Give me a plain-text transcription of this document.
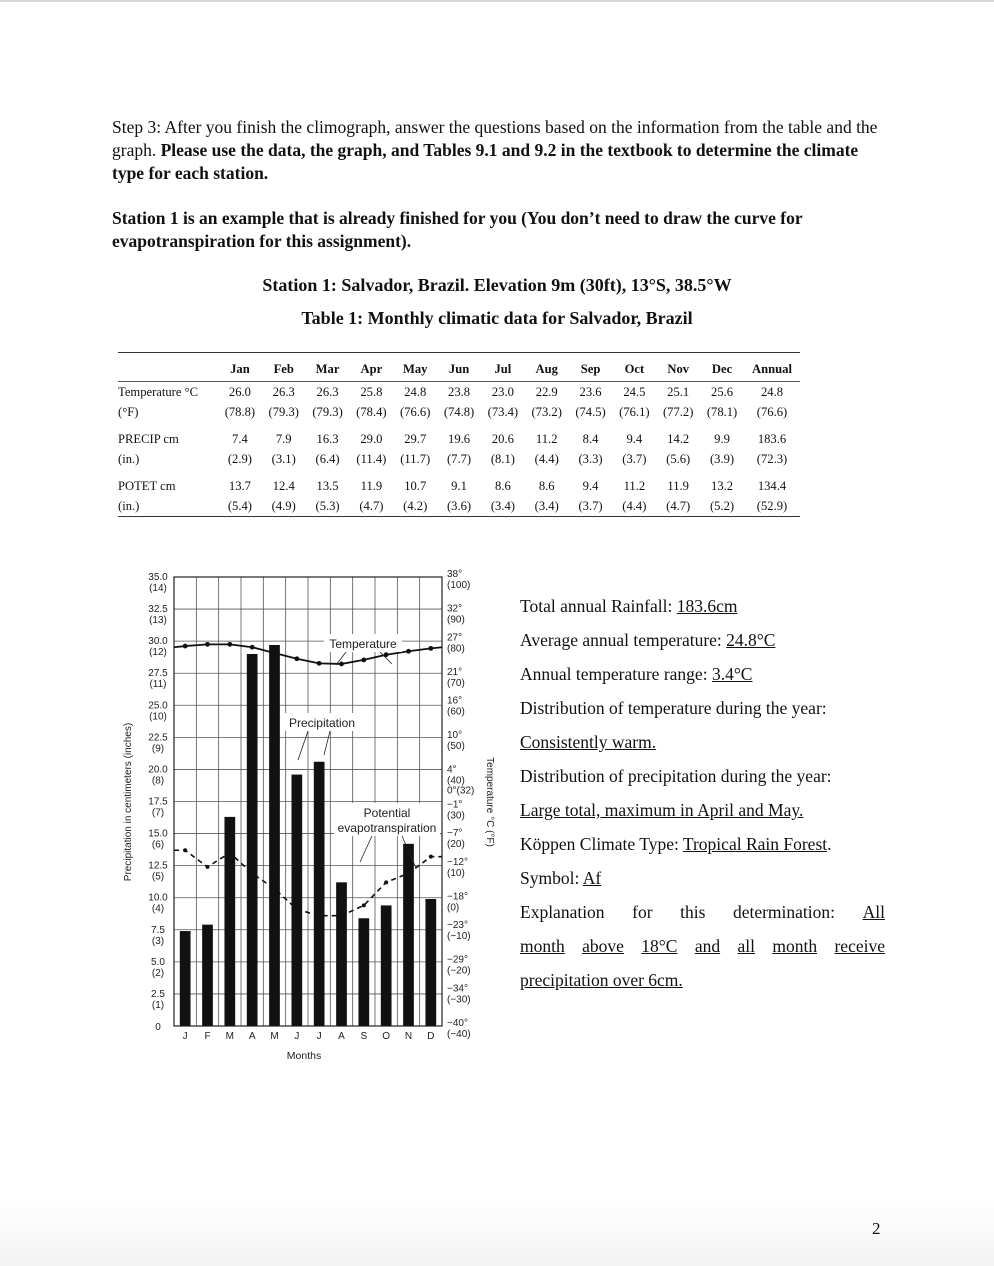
Step 3: After you finish the climograph, answer the questions based on the information from the table and the graph. Please use the data, the graph, and Tables 9.1 and 9.2 in the textbook to determine the climate type for each station.

Station 1 is an example that is already finished for you (You don’t need to draw the curve for evapotranspiration for this assignment).

Station 1: Salvador, Brazil. Elevation 9m (30ft), 13°S, 38.5°W
Table 1: Monthly climatic data for Salvador, Brazil
	Jan	Feb	Mar	Apr	May	Jun	Jul	Aug	Sep	Oct	Nov	Dec	Annual
Temperature °C	26.0	26.3	26.3	25.8	24.8	23.8	23.0	22.9	23.6	24.5	25.1	25.6	24.8
(°F)	(78.8)	(79.3)	(79.3)	(78.4)	(76.6)	(74.8)	(73.4)	(73.2)	(74.5)	(76.1)	(77.2)	(78.1)	(76.6)

PRECIP cm	7.4	7.9	16.3	29.0	29.7	19.6	20.6	11.2	8.4	9.4	14.2	9.9	183.6
(in.)	(2.9)	(3.1)	(6.4)	(11.4)	(11.7)	(7.7)	(8.1)	(4.4)	(3.3)	(3.7)	(5.6)	(3.9)	(72.3)

POTET cm	13.7	12.4	13.5	11.9	10.7	9.1	8.6	8.6	9.4	11.2	11.9	13.2	134.4
(in.)	(5.4)	(4.9)	(5.3)	(4.7)	(4.2)	(3.6)	(3.4)	(3.4)	(3.7)	(4.4)	(4.7)	(5.2)	(52.9)
Temperature
Precipitation
Potential
evapotranspiration
35.0
(14)
32.5
(13)
30.0
(12)
27.5
(11)
25.0
(10)
22.5
(9)
20.0
(8)
17.5
(7)
15.0
(6)
12.5
(5)
10.0
(4)
7.5
(3)
5.0
(2)
2.5
(1)
0
38°
(100)
32°
(90)
27°
(80)
21°
(70)
16°
(60)
10°
(50)
4°
(40)
0°(32)
−1°
(30)
−7°
(20)
−12°
(10)
−18°
(0)
−23°
(−10)
−29°
(−20)
−34°
(−30)
−40°
(−40)
J F M A M J J A S O N D
Months
Precipitation in centimeters (inches)	Temperature °C (°F)
Total annual Rainfall: 183.6cm
Average annual temperature: 24.8°C
Annual temperature range: 3.4°C
Distribution of temperature during the year:
Consistently warm.
Distribution of precipitation during the year:
Large total, maximum in April and May.
Köppen Climate Type: Tropical Rain Forest.
Symbol: Af
Explanation for this determination: All
month above 18°C and all month receive
precipitation over 6cm.
2
